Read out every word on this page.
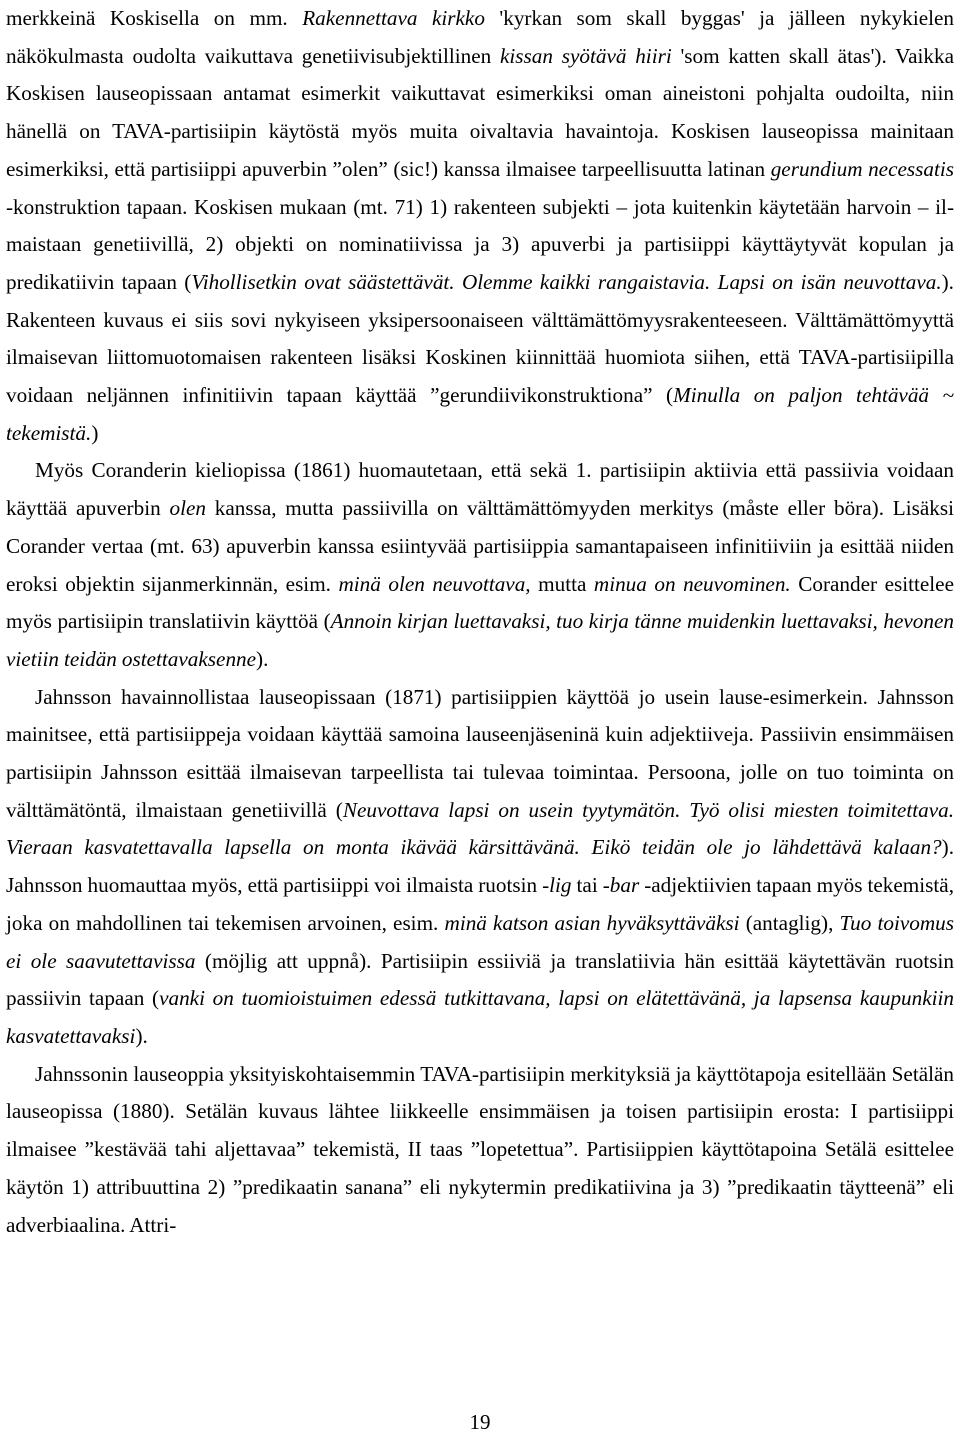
merkkeinä Koskisella on mm. Rakennettava kirkko 'kyrkan som skall byggas' ja jälleen nykykielen näkökulmasta oudolta vaikuttava genetiivisubjektillinen kissan syötävä hiiri 'som katten skall ätas'). Vaikka Koskisen lauseopissaan antamat esimerkit vaikuttavat esimerkiksi oman aineistoni pohjalta oudoilta, niin hänellä on TAVA-partisiipin käytöstä myös muita oivaltavia havaintoja. Koskisen lauseopissa mainitaan esimerkiksi, että partisiippi apuverbin ”olen” (sic!) kanssa ilmaisee tarpeellisuutta latinan gerundium necessatis -konstruktion tapaan. Koskisen mukaan (mt. 71) 1) rakenteen subjekti – jota kuitenkin käytetään harvoin – ilmaistaan genetiivillä, 2) objekti on nominatiivissa ja 3) apuverbi ja partisiippi käyttäytyvät kopulan ja predikatiivin tapaan (Vihollisetkin ovat säästettävät. Olemme kaikki rangaistavia. Lapsi on isän neuvottava.). Rakenteen kuvaus ei siis sovi nykyiseen yksipersoonaiseen välttämättömyysrakenteeseen. Välttämättömyyttä ilmaisevan liittomuotomaisen rakenteen lisäksi Koskinen kiinnittää huomiota siihen, että TAVA-partisiipilla voidaan neljännen infinitiivin tapaan käyttää ”gerundiivikonstruktiona” (Minulla on paljon tehtävää ~ tekemistä.)

Myös Coranderin kieliopissa (1861) huomautetaan, että sekä 1. partisiipin aktiivia että passiivia voidaan käyttää apuverbin olen kanssa, mutta passiivilla on välttämättömyyden merkitys (måste eller böra). Lisäksi Corander vertaa (mt. 63) apuverbin kanssa esiintyvää partisiippia samantapaiseen infinitiiviin ja esittää niiden eroksi objektin sijanmerkinnän, esim. minä olen neuvottava, mutta minua on neuvominen. Corander esittelee myös partisiipin translatiivin käyttöä (Annoin kirjan luettavaksi, tuo kirja tänne muidenkin luettavaksi, hevonen vietiin teidän ostettavaksenne).

Jahnsson havainnollistaa lauseopissaan (1871) partisiippien käyttöä jo usein lause-esimerkein. Jahnsson mainitsee, että partisiippeja voidaan käyttää samoina lauseenjäseninä kuin adjektiiveja. Passiivin ensimmäisen partisiipin Jahnsson esittää ilmaisevan tarpeellista tai tulevaa toimintaa. Persoona, jolle on tuo toiminta on välttämätöntä, ilmaistaan genetiivillä (Neuvottava lapsi on usein tyytymätön. Työ olisi miesten toimitettava. Vieraan kasvatettavalla lapsella on monta ikävää kärsittävänä. Eikö teidän ole jo lähdettävä kalaan?). Jahnsson huomauttaa myös, että partisiippi voi ilmaista ruotsin -lig tai -bar -adjektiivien tapaan myös tekemistä, joka on mahdollinen tai tekemisen arvoinen, esim. minä katson asian hyväksyttäväksi (antaglig), Tuo toivomus ei ole saavutettavissa (möjlig att uppnå). Partisiipin essiiviä ja translatiivia hän esittää käytettävän ruotsin passiivin tapaan (vanki on tuomioistuimen edessä tutkittavana, lapsi on elätettävänä, ja lapsensa kaupunkiin kasvatettavaksi).

Jahnssonin lauseoppia yksityiskohtaisemmin TAVA-partisiipin merkityksiä ja käyttötapoja esitellään Setälän lauseopissa (1880). Setälän kuvaus lähtee liikkeelle ensimmäisen ja toisen partisiipin erosta: I partisiippi ilmaisee ”kestävää tahi aljettavaa” tekemistä, II taas ”lopetettua”. Partisiippien käyttötapoina Setälä esittelee käytön 1) attribuuttina 2) ”predikaatin sanana” eli nykytermin predikatiivina ja 3) ”predikaatin täytteenä” eli adverbiaalina. Attri-

19
